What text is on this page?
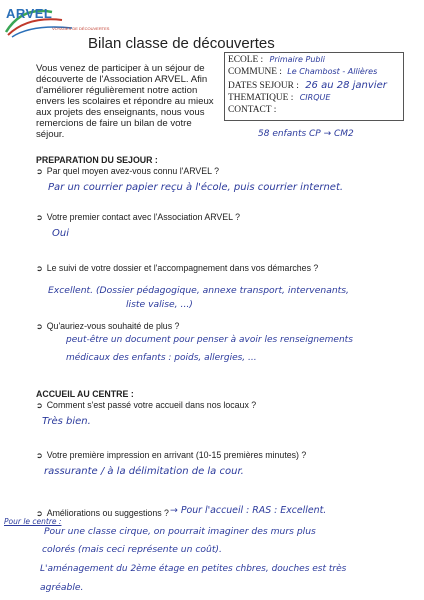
ARVEL
VOYAGES DE DÉCOUVERTES
Bilan classe de découvertes
Vous venez de participer à un séjour de découverte de l'Association ARVEL. Afin d'améliorer régulièrement notre action envers les scolaires et répondre au mieux aux projets des enseignants, nous vous remercions de faire un bilan de votre séjour.
ECOLE : Primaire Publi
COMMUNE : Le Chambost - Allières
DATES SEJOUR : 26 au 28 janvier
THEMATIQUE : CIRQUE
CONTACT :
58 enfants CP → CM2
PREPARATION DU SEJOUR :
➲ Par quel moyen avez-vous connu l'ARVEL ?
Par un courrier papier reçu à l'école, puis courrier internet.
➲ Votre premier contact avec l'Association ARVEL ?
Oui
➲ Le suivi de votre dossier et l'accompagnement dans vos démarches ?
Excellent. (Dossier pédagogique, annexe transport, intervenants,
liste valise, ...)
➲ Qu'auriez-vous souhaité de plus ?
peut-être un document pour penser à avoir les renseignements
médicaux des enfants : poids, allergies, ...
ACCUEIL AU CENTRE :
➲ Comment s'est passé votre accueil dans nos locaux ?
Très bien.
➲ Votre première impression en arrivant (10-15 premières minutes) ?
rassurante / à la délimitation de la cour.
➲ Améliorations ou suggestions ? → Pour l'accueil : RAS : Excellent.
Pour le centre :
Pour une classe cirque, on pourrait imaginer des murs plus
colorés (mais ceci représente un coût).
L'aménagement du 2ème étage en petites chbres, douches est très
agréable.
